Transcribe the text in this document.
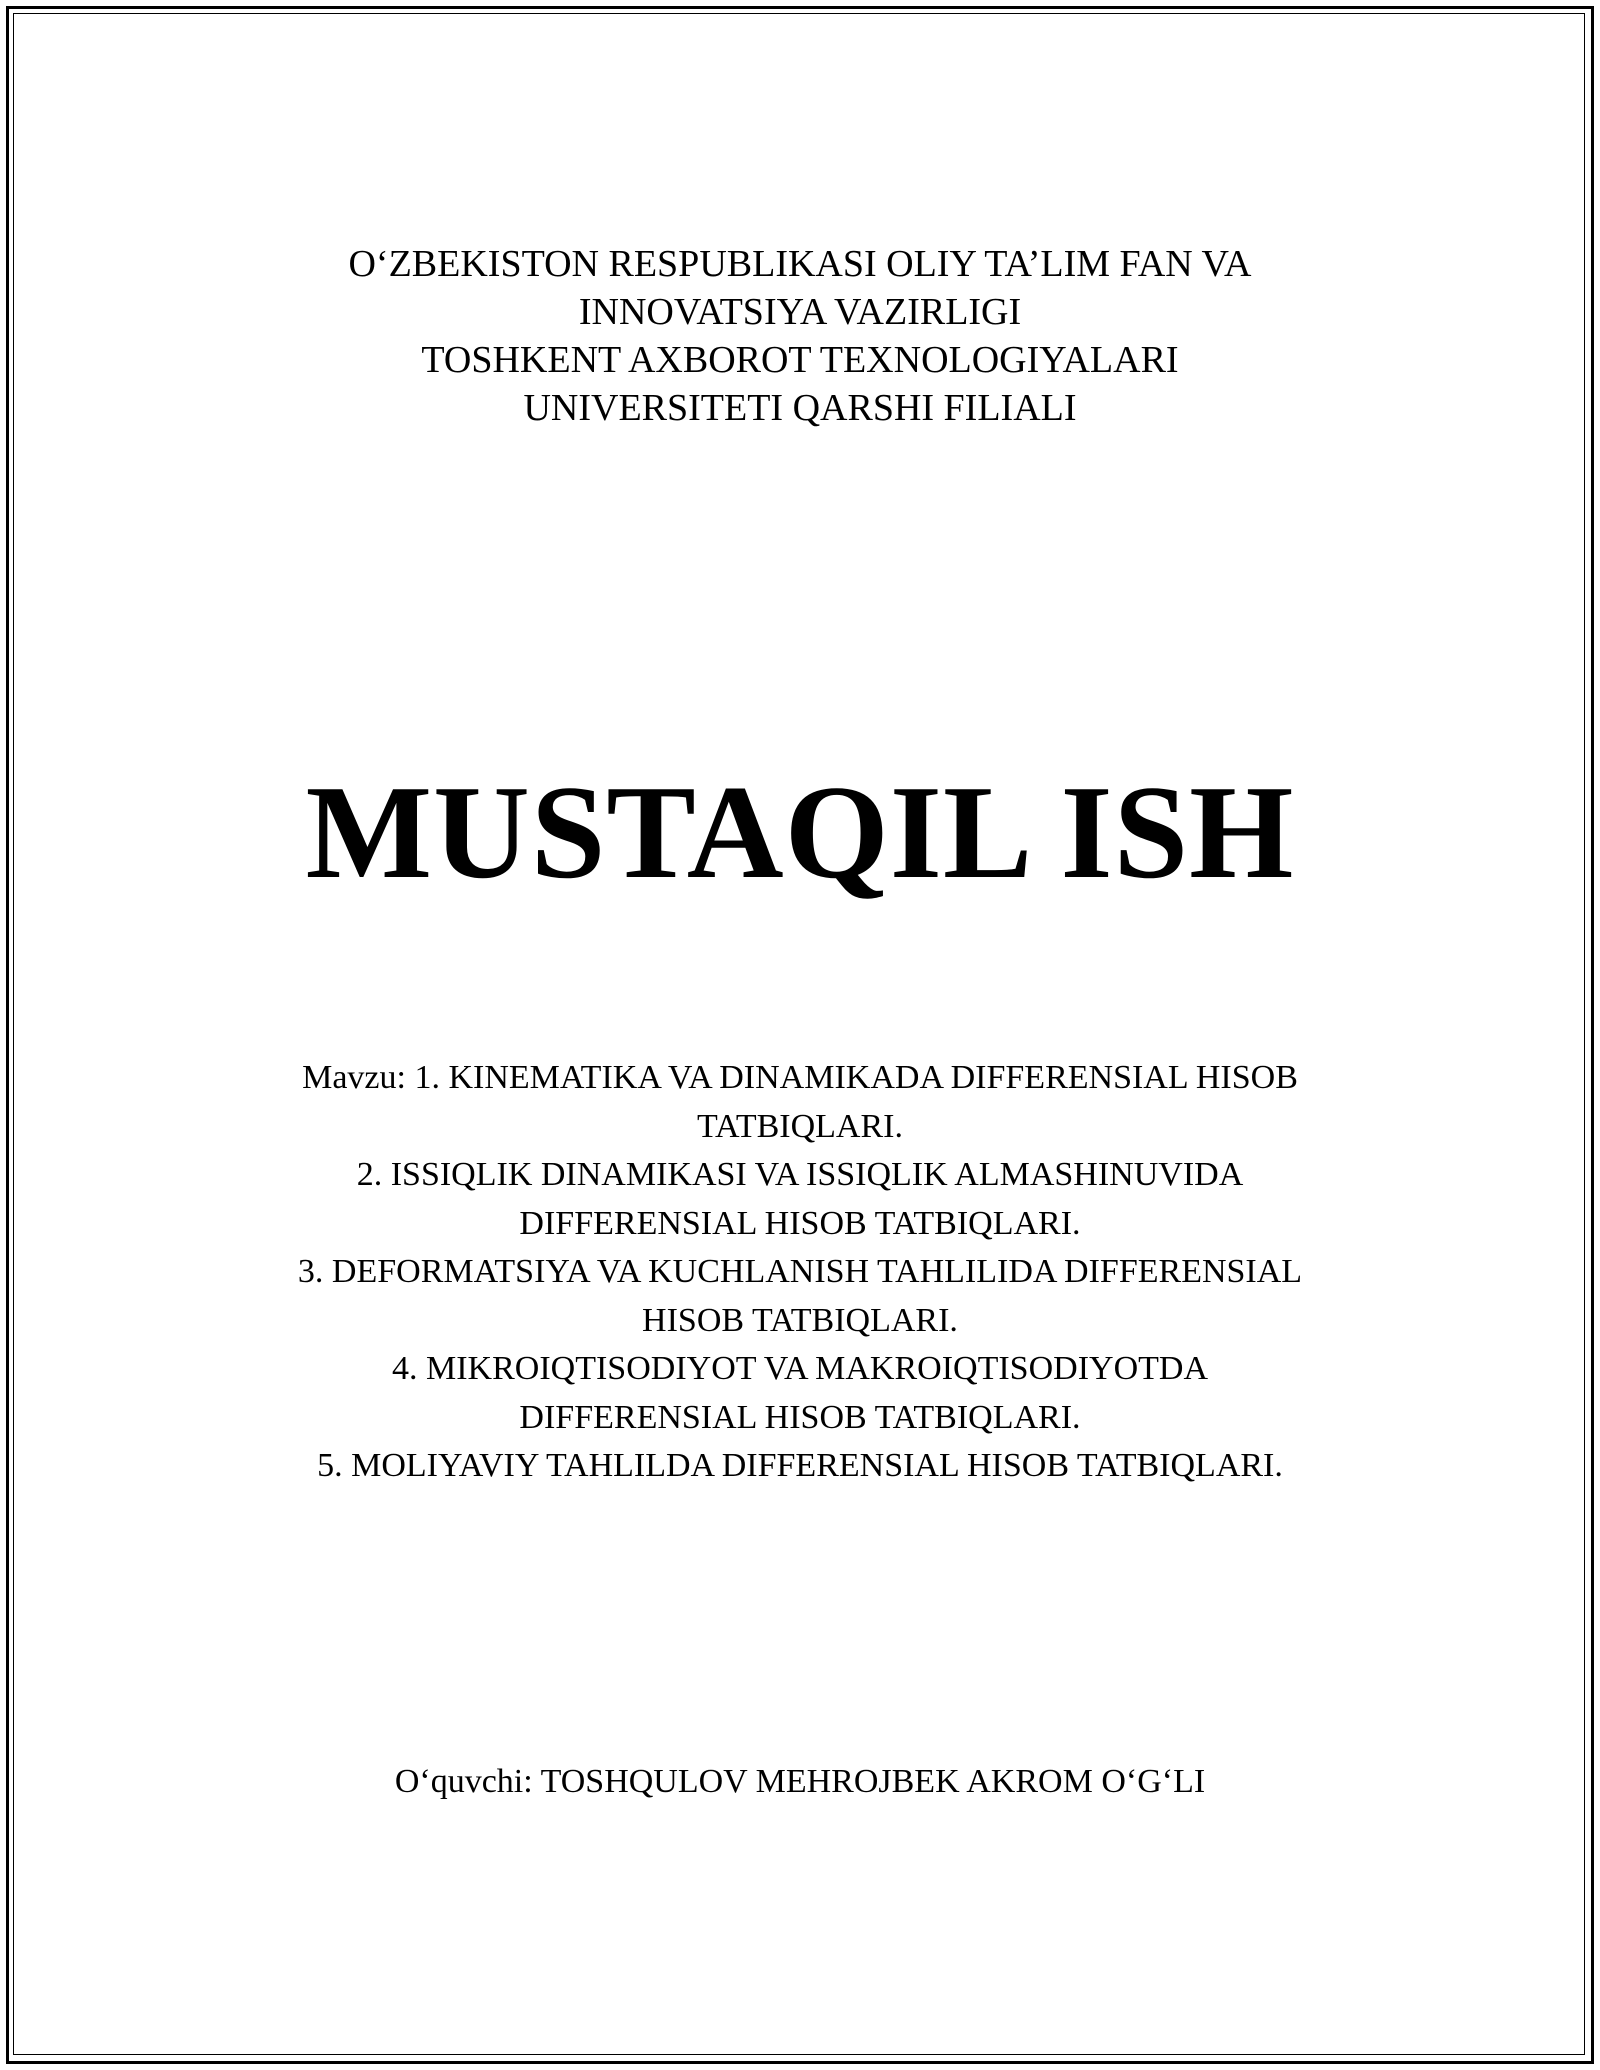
O‘ZBEKISTON RESPUBLIKASI OLIY TA’LIM FAN VA
INNOVATSIYA VAZIRLIGI
TOSHKENT AXBOROT TEXNOLOGIYALARI
UNIVERSITETI QARSHI FILIALI
MUSTAQIL ISH
Mavzu: 1. KINEMATIKA VA DINAMIKADA DIFFERENSIAL HISOB
TATBIQLARI.
2. ISSIQLIK DINAMIKASI VA ISSIQLIK ALMASHINUVIDA
DIFFERENSIAL HISOB TATBIQLARI.
3. DEFORMATSIYA VA KUCHLANISH TAHLILIDA DIFFERENSIAL
HISOB TATBIQLARI.
4. MIKROIQTISODIYOT VA MAKROIQTISODIYOTDA
DIFFERENSIAL HISOB TATBIQLARI.
5. MOLIYAVIY TAHLILDA DIFFERENSIAL HISOB TATBIQLARI.
O‘quvchi: TOSHQULOV MEHROJBEK AKROM O‘G‘LI
